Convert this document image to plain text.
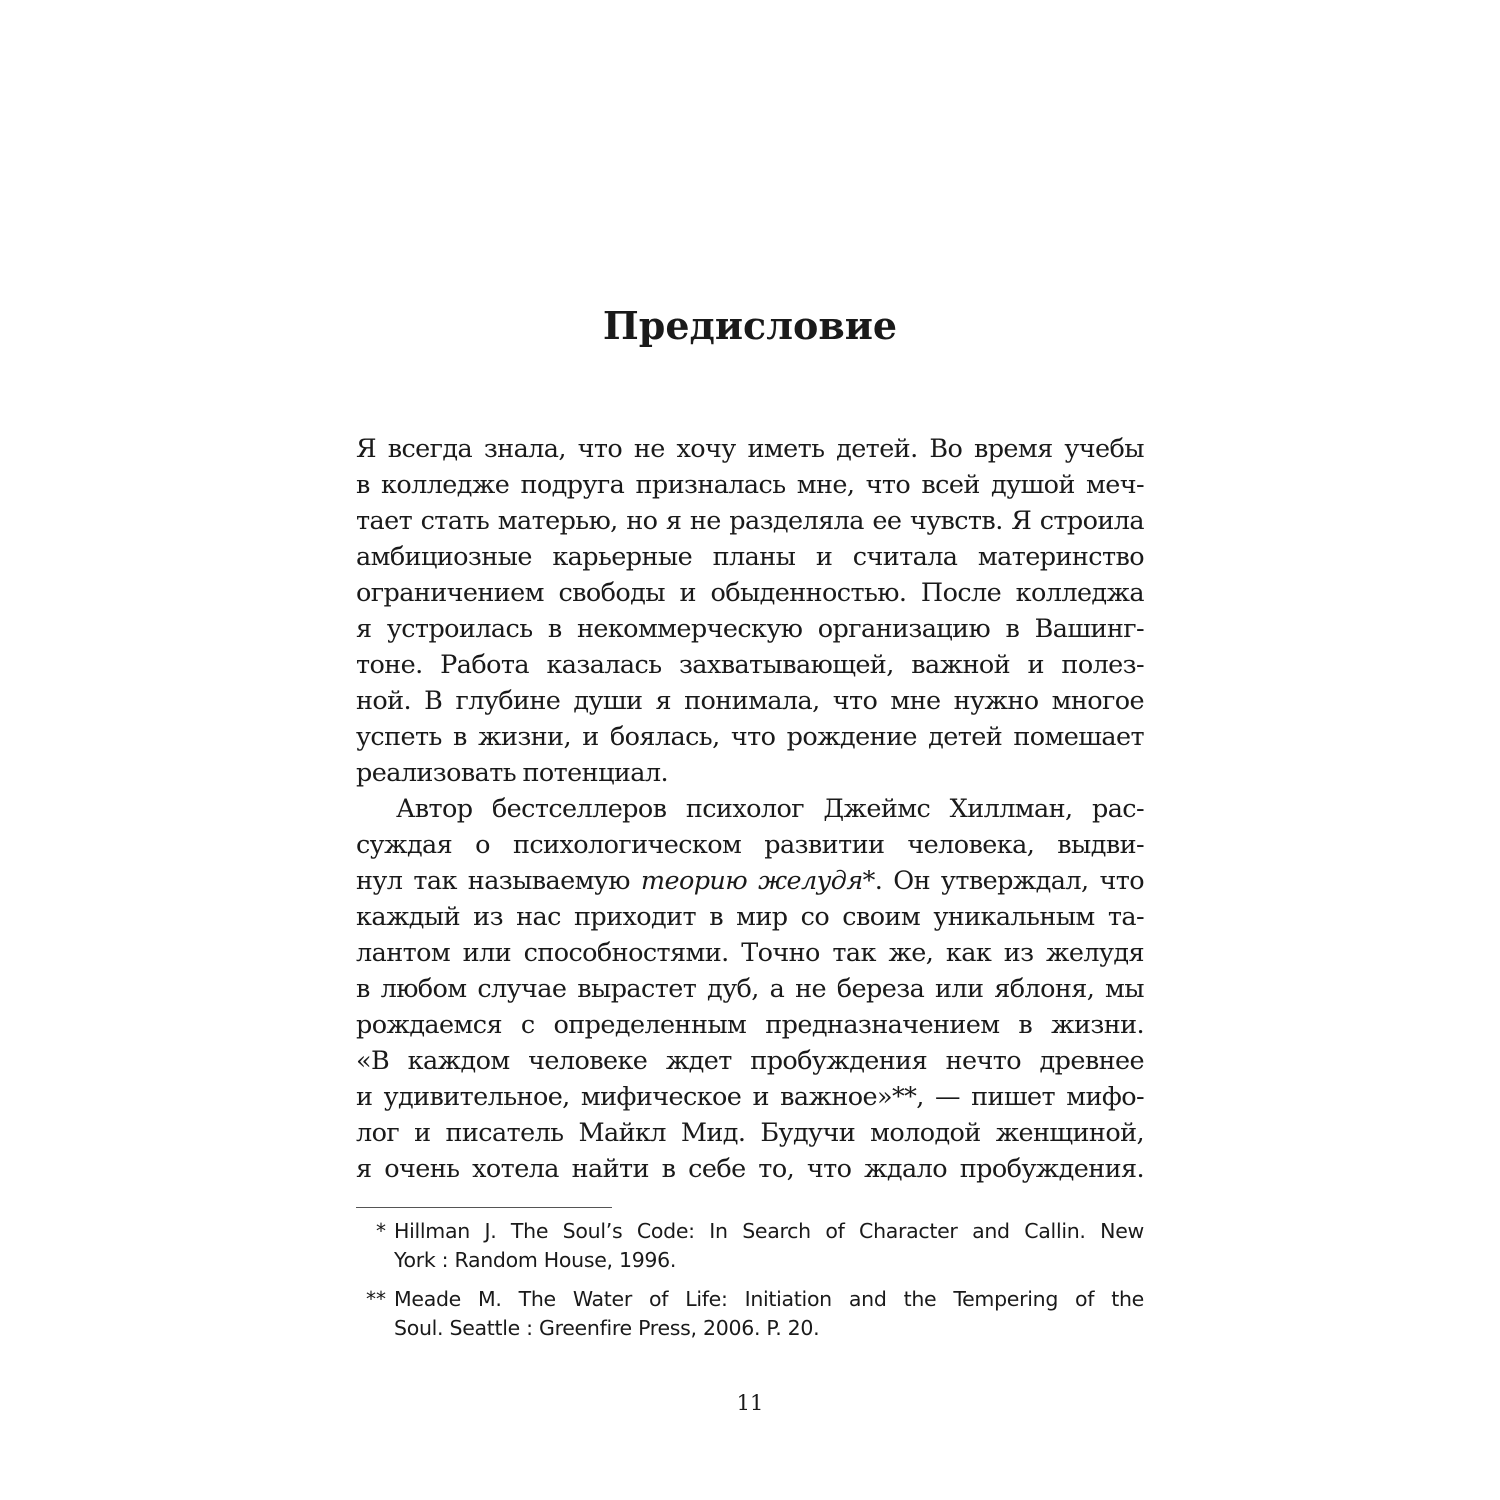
Предисловие
Я всегда знала, что не хочу иметь детей. Во время учебы
в колледже подруга призналась мне, что всей душой меч-
тает стать матерью, но я не разделяла ее чувств. Я строила
амбициозные карьерные планы и считала материнство
ограничением свободы и обыденностью. После колледжа
я устроилась в некоммерческую организацию в Вашинг-
тоне. Работа казалась захватывающей, важной и полез-
ной. В глубине души я понимала, что мне нужно многое
успеть в жизни, и боялась, что рождение детей помешает
реализовать потенциал.
Автор бестселлеров психолог Джеймс Хиллман, рас-
суждая о психологическом развитии человека, выдви-
нул так называемую теорию желудя*. Он утверждал, что
каждый из нас приходит в мир со своим уникальным та-
лантом или способностями. Точно так же, как из желудя
в любом случае вырастет дуб, а не береза или яблоня, мы
рождаемся с определенным предназначением в жизни.
«В каждом человеке ждет пробуждения нечто древнее
и удивительное, мифическое и важное»**, — пишет мифо-
лог и писатель Майкл Мид. Будучи молодой женщиной,
я очень хотела найти в себе то, что ждало пробуждения.
* Hillman J. The Soul’s Code: In Search of Character and Callin. New
York : Random House, 1996.
** Meade M. The Water of Life: Initiation and the Tempering of the
Soul. Seattle : Greenfire Press, 2006. P. 20.
11
